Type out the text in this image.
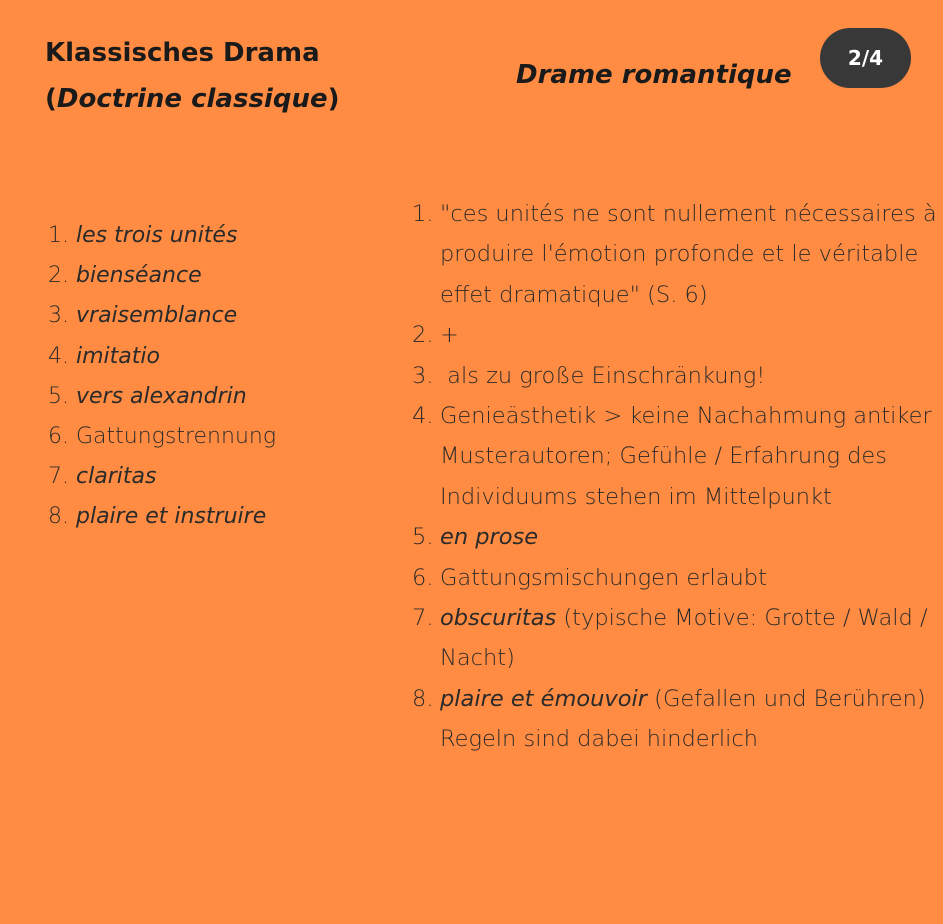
Klassisches Drama
(Doctrine classique)
Drame romantique
2/4
1. les trois unités
2. bienséance
3. vraisemblance
4. imitatio
5. vers alexandrin
6. Gattungstrennung
7. claritas
8. plaire et instruire
1. "ces unités ne sont nullement nécessaires à produire l'émotion profonde et le véritable effet dramatique" (S. 6)
2. +
3. als zu große Einschränkung!
4. Genieästhetik > keine Nachahmung antiker Musterautoren; Gefühle / Erfahrung des Individuums stehen im Mittelpunkt
5. en prose
6. Gattungsmischungen erlaubt
7. obscuritas (typische Motive: Grotte / Wald / Nacht)
8. plaire et émouvoir (Gefallen und Berühren) Regeln sind dabei hinderlich
